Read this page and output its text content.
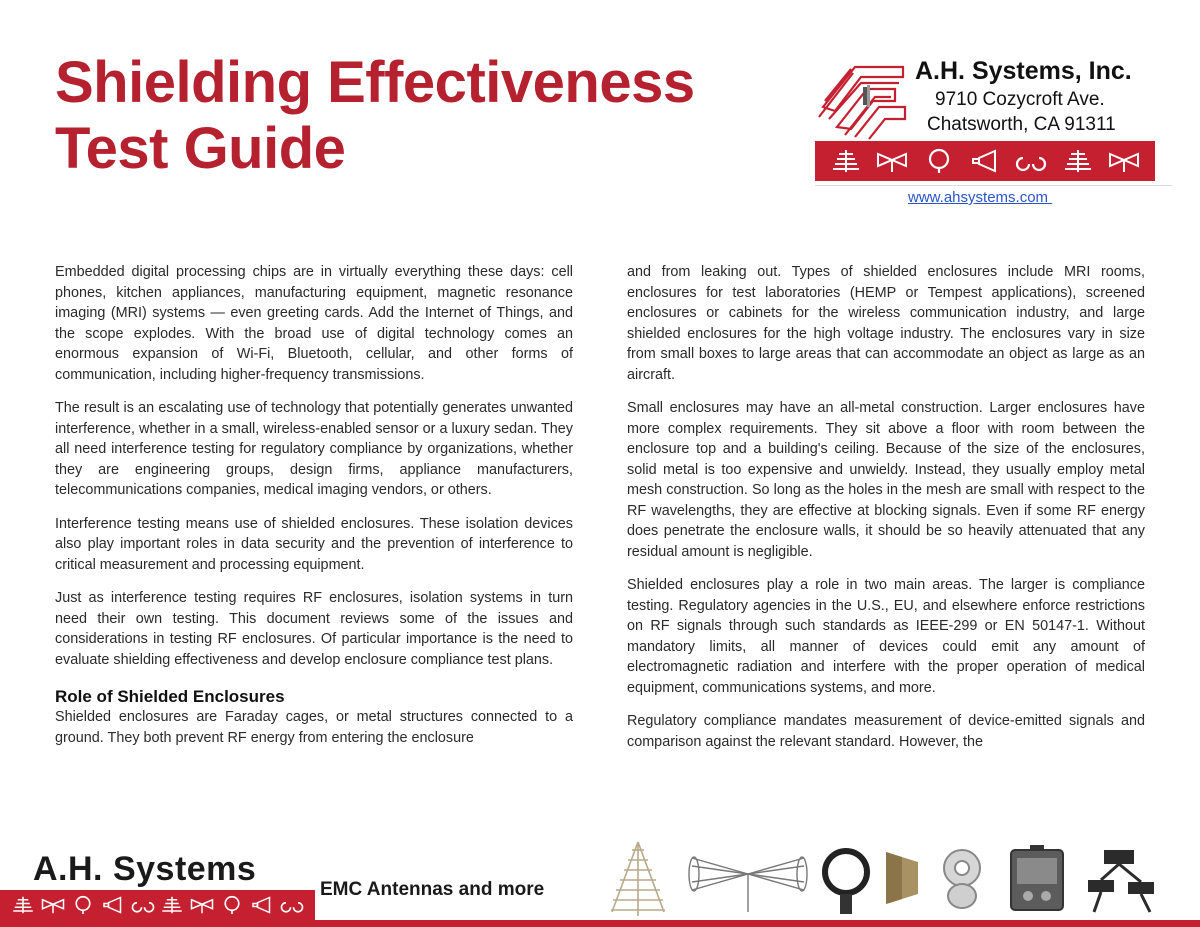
Shielding Effectiveness
Test Guide
A.H. Systems, Inc.
9710 Cozycroft Ave.
Chatsworth, CA 91311
www.ahsystems.com

Embedded digital processing chips are in virtually everything these days: cell phones, kitchen appliances, manufacturing equipment, magnetic resonance imaging (MRI) systems — even greeting cards. Add the Internet of Things, and the scope explodes. With the broad use of digital technology comes an enormous expansion of Wi-Fi, Bluetooth, cellular, and other forms of communication, including higher-frequency transmissions.

The result is an escalating use of technology that potentially generates unwanted interference, whether in a small, wireless-enabled sensor or a luxury sedan. They all need interference testing for regulatory compliance by organizations, whether they are engineering groups, design firms, appliance manufacturers, telecommunications companies, medical imaging vendors, or others.

Interference testing means use of shielded enclosures. These isolation devices also play important roles in data security and the prevention of interference to critical measurement and processing equipment.

Just as interference testing requires RF enclosures, isolation systems in turn need their own testing. This document reviews some of the issues and considerations in testing RF enclosures. Of particular importance is the need to evaluate shielding effectiveness and develop enclosure compliance test plans.

Role of Shielded Enclosures

Shielded enclosures are Faraday cages, or metal structures connected to a ground. They both prevent RF energy from entering the enclosure

and from leaking out. Types of shielded enclosures include MRI rooms, enclosures for test laboratories (HEMP or Tempest applications), screened enclosures or cabinets for the wireless communication industry, and large shielded enclosures for the high voltage industry. The enclosures vary in size from small boxes to large areas that can accommodate an object as large as an aircraft.

Small enclosures may have an all-metal construction. Larger enclosures have more complex requirements. They sit above a floor with room between the enclosure top and a building's ceiling. Because of the size of the enclosures, solid metal is too expensive and unwieldy. Instead, they usually employ metal mesh construction. So long as the holes in the mesh are small with respect to the RF wavelengths, they are effective at blocking signals. Even if some RF energy does penetrate the enclosure walls, it should be so heavily attenuated that any residual amount is negligible.

Shielded enclosures play a role in two main areas. The larger is compliance testing. Regulatory agencies in the U.S., EU, and elsewhere enforce restrictions on RF signals through such standards as IEEE-299 or EN 50147-1. Without mandatory limits, all manner of devices could emit any amount of electromagnetic radiation and interfere with the proper operation of medical equipment, communications systems, and more.

Regulatory compliance mandates measurement of device-emitted signals and comparison against the relevant standard. However, the

A.H. Systems
EMC Antennas and more
